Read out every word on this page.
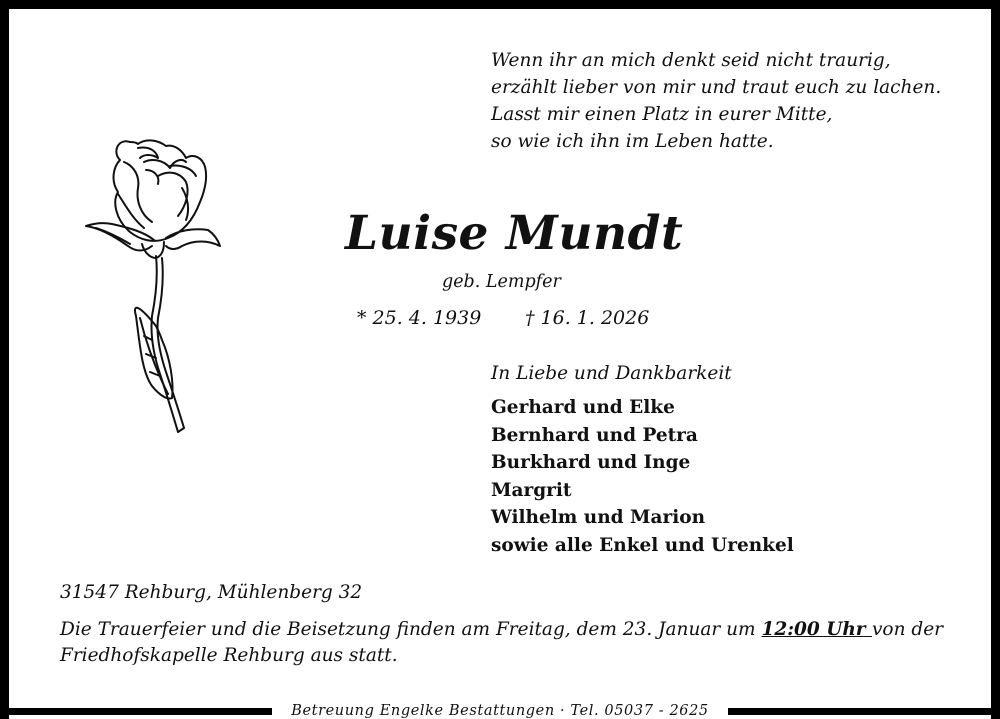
Wenn ihr an mich denkt seid nicht traurig,
erzählt lieber von mir und traut euch zu lachen.
Lasst mir einen Platz in eurer Mitte,
so wie ich ihn im Leben hatte.
Luise Mundt
geb. Lempfer
* 25. 4. 1939 † 16. 1. 2026
In Liebe und Dankbarkeit
Gerhard und Elke
Bernhard und Petra
Burkhard und Inge
Margrit
Wilhelm und Marion
sowie alle Enkel und Urenkel
31547 Rehburg, Mühlenberg 32
Die Trauerfeier und die Beisetzung finden am Freitag, dem 23. Januar um 12:00 Uhr von der
Friedhofskapelle Rehburg aus statt.
Betreuung Engelke Bestattungen · Tel. 05037 - 2625
